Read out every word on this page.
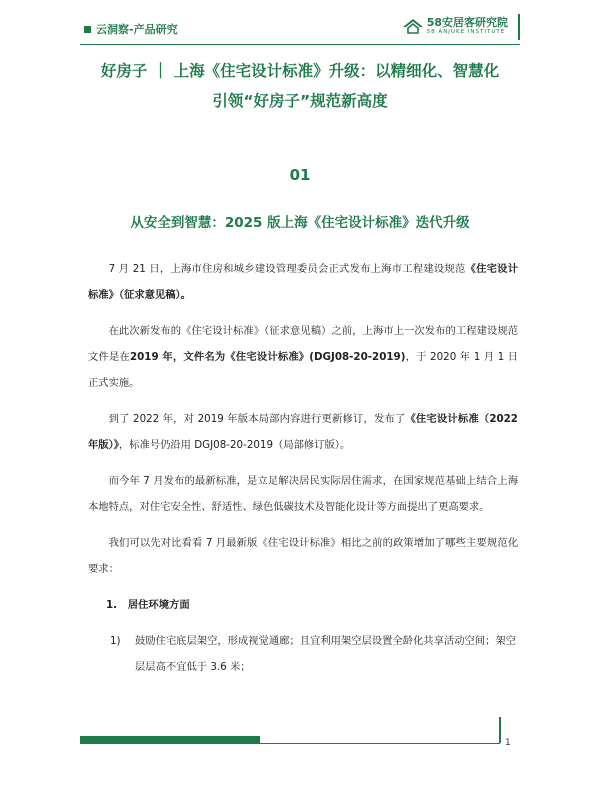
云洞察-产品研究
58安居客研究院
58 ANJUKE INSTITUTE
好房子 ｜ 上海《住宅设计标准》升级：以精细化、智慧化
引领“好房子”规范新高度
01
从安全到智慧：2025 版上海《住宅设计标准》迭代升级

7 月 21 日，上海市住房和城乡建设管理委员会正式发布上海市工程建设规范《住宅设计标准》（征求意见稿）。

在此次新发布的《住宅设计标准》（征求意见稿）之前，上海市上一次发布的工程建设规范文件是在2019 年，文件名为《住宅设计标准》(DGJ08-20-2019)，于 2020 年 1 月 1 日正式实施。

到了 2022 年，对 2019 年版本局部内容进行更新修订，发布了《住宅设计标准（2022 年版）》，标准号仍沿用 DGJ08-20-2019（局部修订版）。

而今年 7 月发布的最新标准，是立足解决居民实际居住需求，在国家规范基础上结合上海本地特点，对住宅安全性、舒适性、绿色低碳技术及智能化设计等方面提出了更高要求。

我们可以先对比看看 7 月最新版《住宅设计标准》相比之前的政策增加了哪些主要规范化要求：

1. 居住环境方面

1)	鼓励住宅底层架空，形成视觉通廊；且宜利用架空层设置全龄化共享活动空间；架空层层高不宜低于 3.6 米；
1
